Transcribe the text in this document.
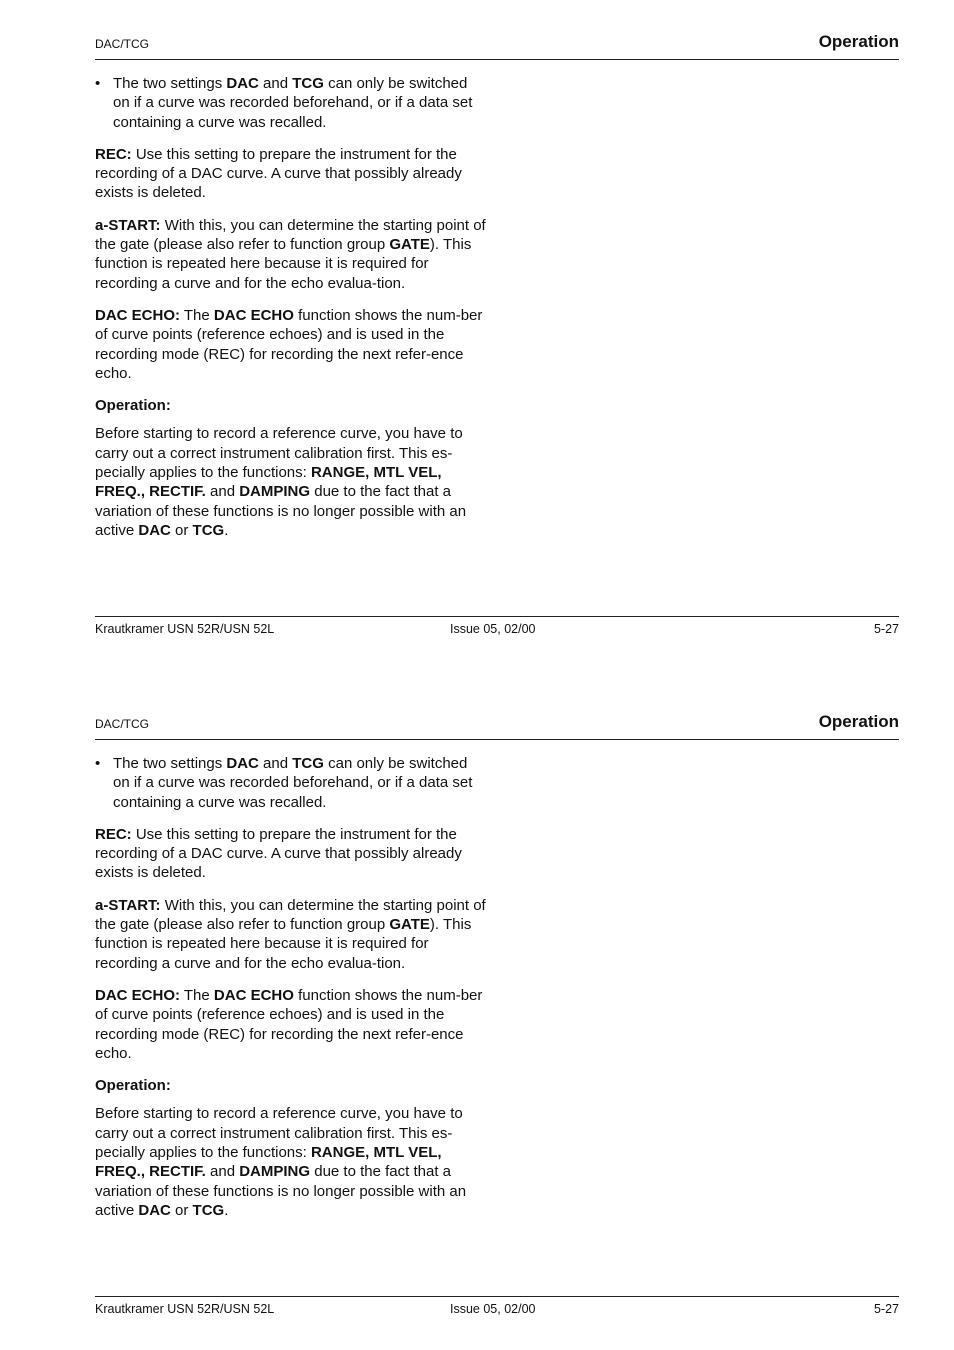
DAC/TCG	Operation
• The two settings DAC and TCG can only be switched on if a curve was recorded beforehand, or if a data set containing a curve was recalled.

REC: Use this setting to prepare the instrument for the recording of a DAC curve. A curve that possibly already exists is deleted.

a-START: With this, you can determine the starting point of the gate (please also refer to function group GATE). This function is repeated here because it is required for recording a curve and for the echo evalua-tion.

DAC ECHO: The DAC ECHO function shows the num-ber of curve points (reference echoes) and is used in the recording mode (REC) for recording the next refer-ence echo.

Operation:

Before starting to record a reference curve, you have to carry out a correct instrument calibration first. This es-pecially applies to the functions: RANGE, MTL VEL, FREQ., RECTIF. and DAMPING due to the fact that a variation of these functions is no longer possible with an active DAC or TCG.

Krautkramer USN 52R/USN 52L	Issue 05, 02/00	5-27
DAC/TCG	Operation
• The two settings DAC and TCG can only be switched on if a curve was recorded beforehand, or if a data set containing a curve was recalled.

REC: Use this setting to prepare the instrument for the recording of a DAC curve. A curve that possibly already exists is deleted.

a-START: With this, you can determine the starting point of the gate (please also refer to function group GATE). This function is repeated here because it is required for recording a curve and for the echo evalua-tion.

DAC ECHO: The DAC ECHO function shows the num-ber of curve points (reference echoes) and is used in the recording mode (REC) for recording the next refer-ence echo.

Operation:

Before starting to record a reference curve, you have to carry out a correct instrument calibration first. This es-pecially applies to the functions: RANGE, MTL VEL, FREQ., RECTIF. and DAMPING due to the fact that a variation of these functions is no longer possible with an active DAC or TCG.

Krautkramer USN 52R/USN 52L	Issue 05, 02/00	5-27
